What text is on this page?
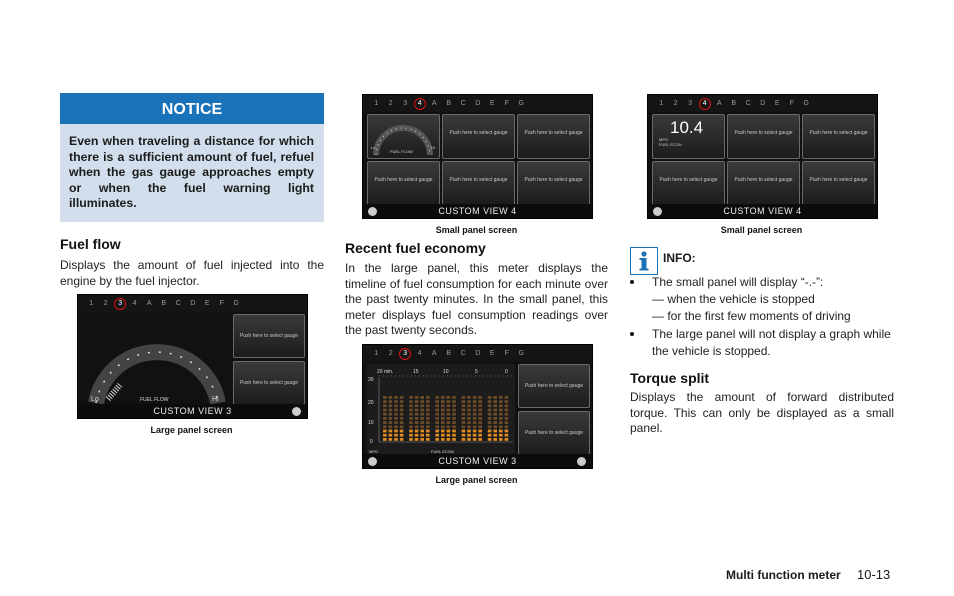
NOTICE
Even when traveling a distance for which there is a sufficient amount of fuel, refuel when the gas gauge approaches empty or when the fuel warning light illuminates.
Fuel flow
Displays the amount of fuel injected into the engine by the fuel injector.
1	2	3	4	A	B	C	D	E	F	G
Lo	Hi
FUEL FLOW
Push here to select gauge
Push here to select gauge
CUSTOM VIEW 3
Large panel screen
1	2	3	4	A	B	C	D	E	F	G
FUEL FLOW
Lo	Hi
Push here to select gauge	Push here to select gauge
Push here to select gauge	Push here to select gauge	Push here to select gauge
CUSTOM VIEW 4
Small panel screen
Recent fuel economy
In the large panel, this meter displays the timeline of fuel consumption for each minute over the past twenty minutes. In the small panel, this meter displays fuel consumption readings over the past twenty seconds.
1	2	3	4	A	B	C	D	E	F	G
20 min.	15	10	5	0
30
20
10
0
MPG	FUEL ECON
Push here to select gauge
Push here to select gauge
CUSTOM VIEW 3
Large panel screen
1	2	3	4	A	B	C	D	E	F	G
10.4
MPG
FUEL ECON
Push here to select gauge	Push here to select gauge
Push here to select gauge	Push here to select gauge	Push here to select gauge
CUSTOM VIEW 4
Small panel screen
INFO:
The small panel will display “-.-”:
— when the vehicle is stopped
— for the first few moments of driving
The large panel will not display a graph while the vehicle is stopped.
Torque split
Displays the amount of forward distributed torque. This can only be displayed as a small panel.
Multi function meter 10-13
